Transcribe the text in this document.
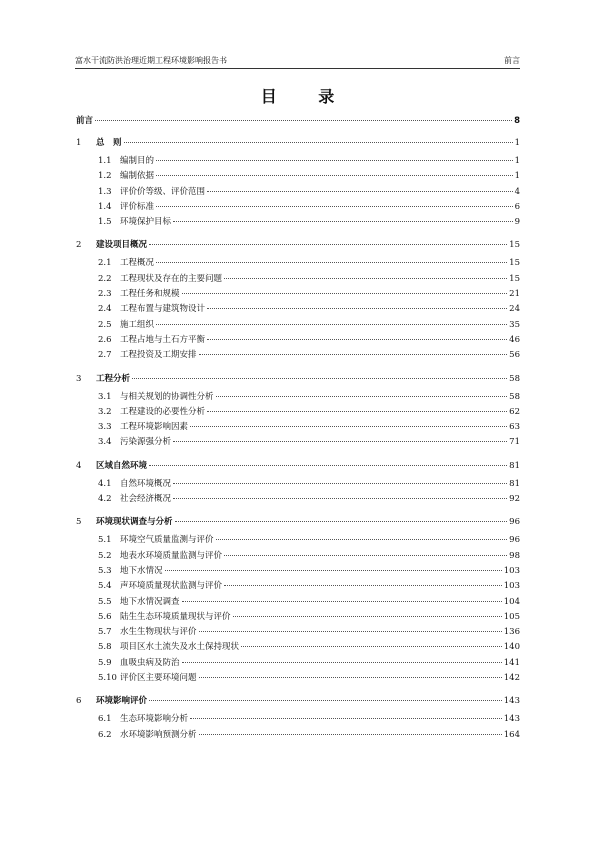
富水干流防洪治理近期工程环境影响报告书	前言
目 录
前言	8
1	总　则	1
1.1 编制目的	1
1.2 编制依据	1
1.3 评价价等级、评价范围	4
1.4 评价标准	6
1.5 环境保护目标	9
2	建设项目概况	15
2.1 工程概况	15
2.2 工程现状及存在的主要问题	15
2.3 工程任务和规模	21
2.4 工程布置与建筑物设计	24
2.5 施工组织	35
2.6 工程占地与土石方平衡	46
2.7 工程投资及工期安排	56
3	工程分析	58
3.1 与相关规划的协调性分析	58
3.2 工程建设的必要性分析	62
3.3 工程环境影响因素	63
3.4 污染源强分析	71
4	区域自然环境	81
4.1 自然环境概况	81
4.2 社会经济概况	92
5	环境现状调查与分析	96
5.1 环境空气质量监测与评价	96
5.2 地表水环境质量监测与评价	98
5.3 地下水情况	103
5.4 声环境质量现状监测与评价	103
5.5 地下水情况调查	104
5.6 陆生生态环境质量现状与评价	105
5.7 水生生物现状与评价	136
5.8 项目区水土流失及水土保持现状	140
5.9 血吸虫病及防治	141
5.10 评价区主要环境问题	142
6	环境影响评价	143
6.1 生态环境影响分析	143
6.2 水环境影响预测分析	164
